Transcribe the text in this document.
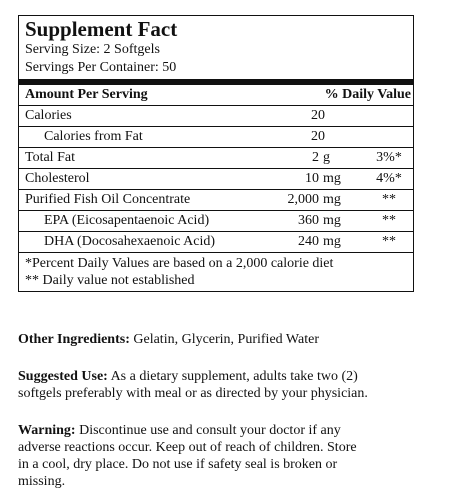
Supplement Fact
Serving Size: 2 Softgels
Servings Per Container: 50
Amount Per Serving	% Daily Value
Calories	20
Calories from Fat	20
Total Fat	2 g	3%*
Cholesterol	10 mg	4%*
Purified Fish Oil Concentrate	2,000 mg	**
EPA (Eicosapentaenoic Acid)	360 mg	**
DHA (Docosahexaenoic Acid)	240 mg	**
*Percent Daily Values are based on a 2,000 calorie diet
** Daily value not established
Other Ingredients: Gelatin, Glycerin, Purified Water
Suggested Use: As a dietary supplement, adults take two (2)
softgels preferably with meal or as directed by your physician.
Warning: Discontinue use and consult your doctor if any
adverse reactions occur. Keep out of reach of children. Store
in a cool, dry place. Do not use if safety seal is broken or
missing.
